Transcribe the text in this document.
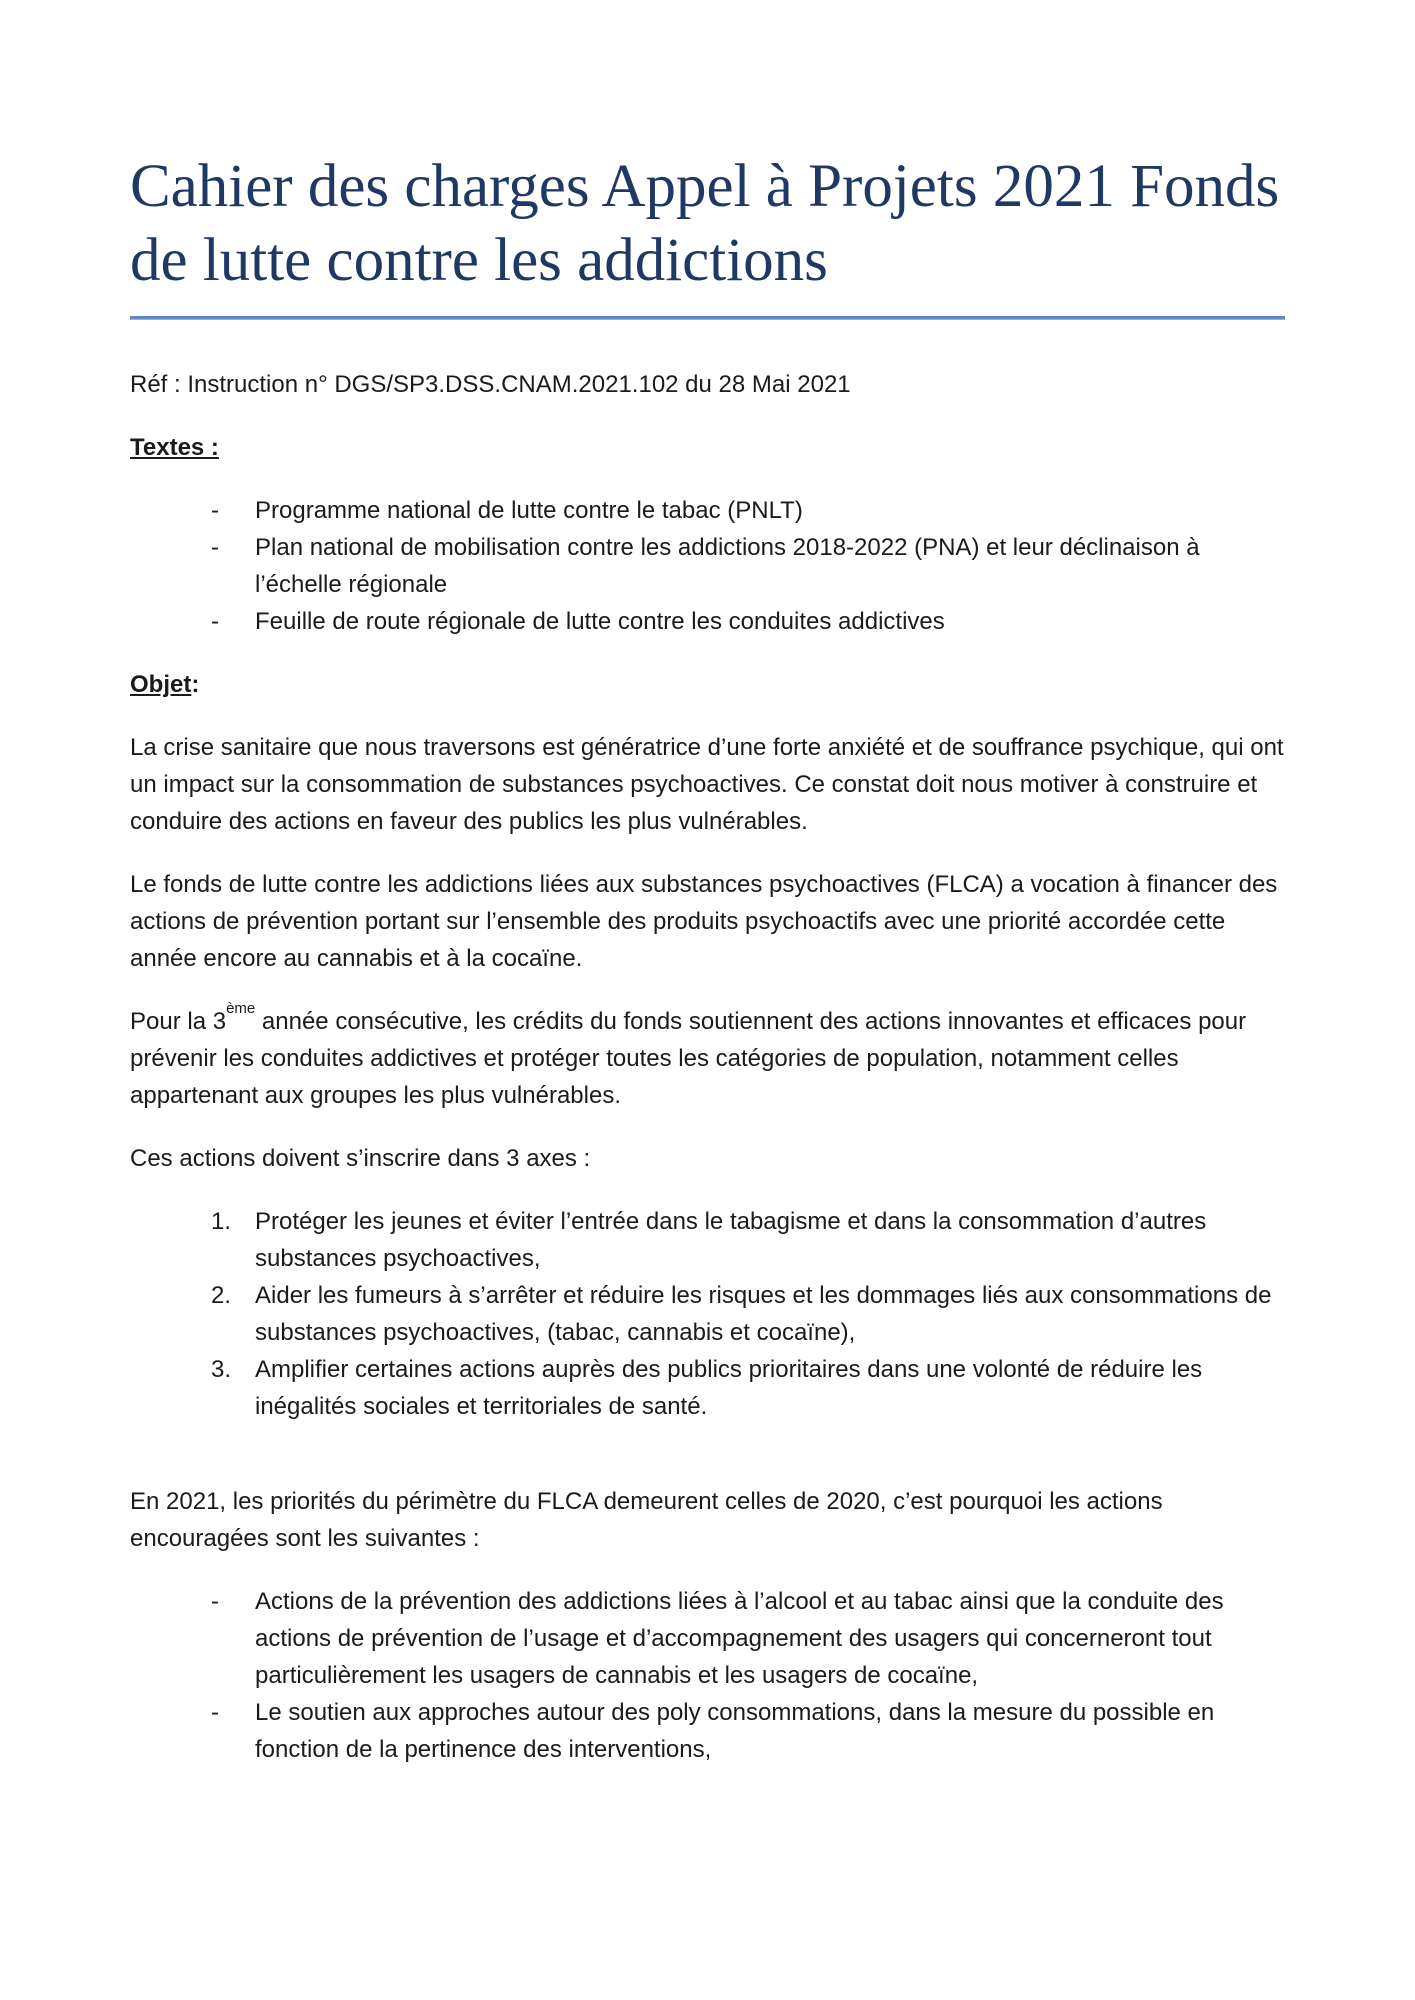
Cahier des charges Appel à Projets 2021 Fonds de lutte contre les addictions

Réf : Instruction n° DGS/SP3.DSS.CNAM.2021.102 du 28 Mai 2021

Textes :

-	Programme national de lutte contre le tabac (PNLT)
-	Plan national de mobilisation contre les addictions 2018-2022 (PNA) et leur déclinaison à l’échelle régionale
-	Feuille de route régionale de lutte contre les conduites addictives

Objet:

La crise sanitaire que nous traversons est génératrice d’une forte anxiété et de souffrance psychique, qui ont un impact sur la consommation de substances psychoactives. Ce constat doit nous motiver à construire et conduire des actions en faveur des publics les plus vulnérables.

Le fonds de lutte contre les addictions liées aux substances psychoactives (FLCA) a vocation à financer des actions de prévention portant sur l’ensemble des produits psychoactifs avec une priorité accordée cette année encore au cannabis et à la cocaïne.

Pour la 3ème année consécutive, les crédits du fonds soutiennent des actions innovantes et efficaces pour prévenir les conduites addictives et protéger toutes les catégories de population, notamment celles appartenant aux groupes les plus vulnérables.

Ces actions doivent s’inscrire dans 3 axes :

1. Protéger les jeunes et éviter l’entrée dans le tabagisme et dans la consommation d’autres substances psychoactives,
2. Aider les fumeurs à s’arrêter et réduire les risques et les dommages liés aux consommations de substances psychoactives, (tabac, cannabis et cocaïne),
3. Amplifier certaines actions auprès des publics prioritaires dans une volonté de réduire les inégalités sociales et territoriales de santé.

En 2021, les priorités du périmètre du FLCA demeurent celles de 2020, c’est pourquoi les actions encouragées sont les suivantes :

-	Actions de la prévention des addictions liées à l’alcool et au tabac ainsi que la conduite des actions de prévention de l’usage et d’accompagnement des usagers qui concerneront tout particulièrement les usagers de cannabis et les usagers de cocaïne,
-	Le soutien aux approches autour des poly consommations, dans la mesure du possible en fonction de la pertinence des interventions,
